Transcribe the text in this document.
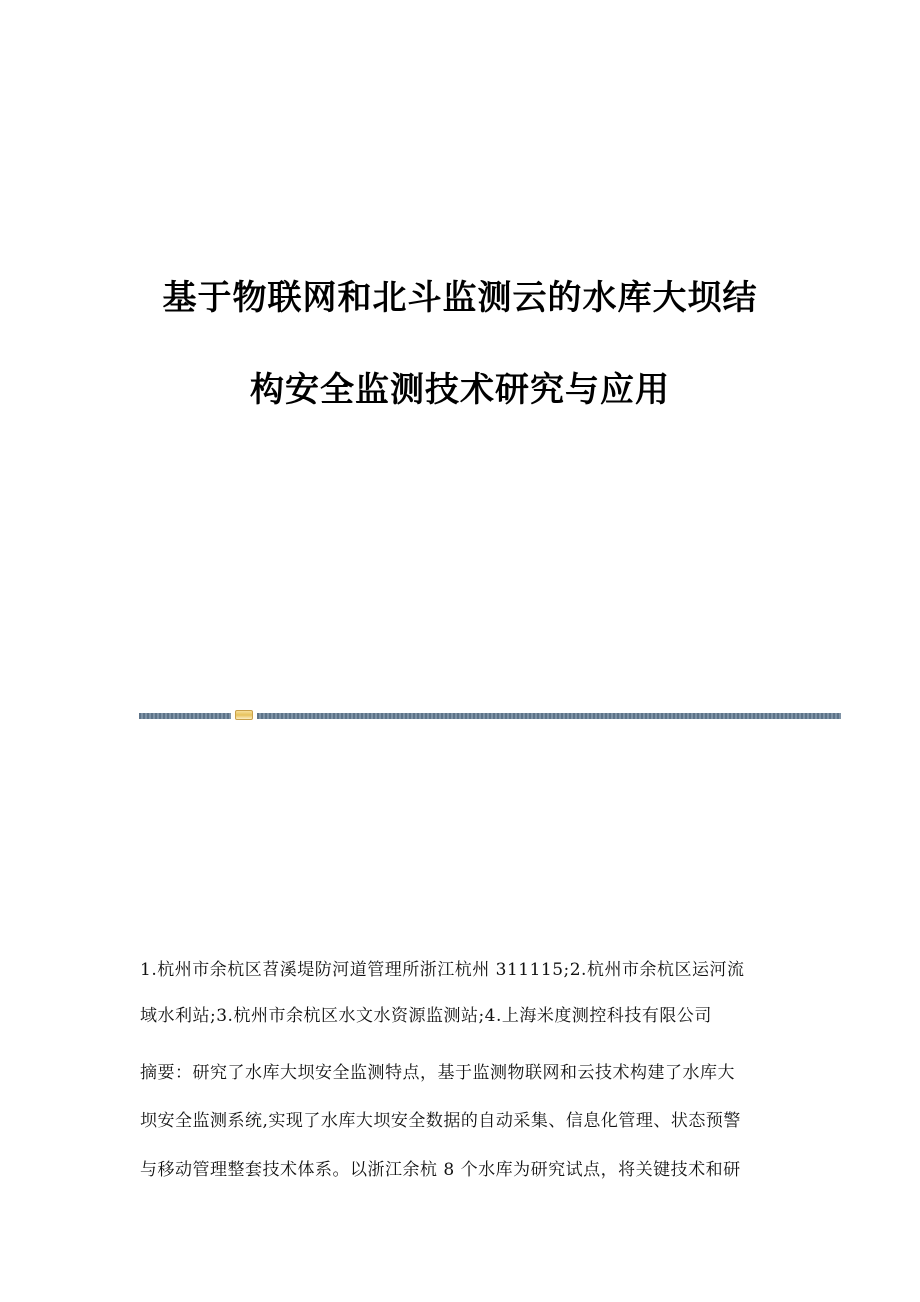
基于物联网和北斗监测云的水库大坝结
构安全监测技术研究与应用
1.杭州市余杭区苕溪堤防河道管理所浙江杭州 311115;2.杭州市余杭区运河流
域水利站;3.杭州市余杭区水文水资源监测站;4.上海米度测控科技有限公司
摘要：研究了水库大坝安全监测特点，基于监测物联网和云技术构建了水库大
坝安全监测系统,实现了水库大坝安全数据的自动采集、信息化管理、状态预警
与移动管理整套技术体系。以浙江余杭 8 个水库为研究试点，将关键技术和研
